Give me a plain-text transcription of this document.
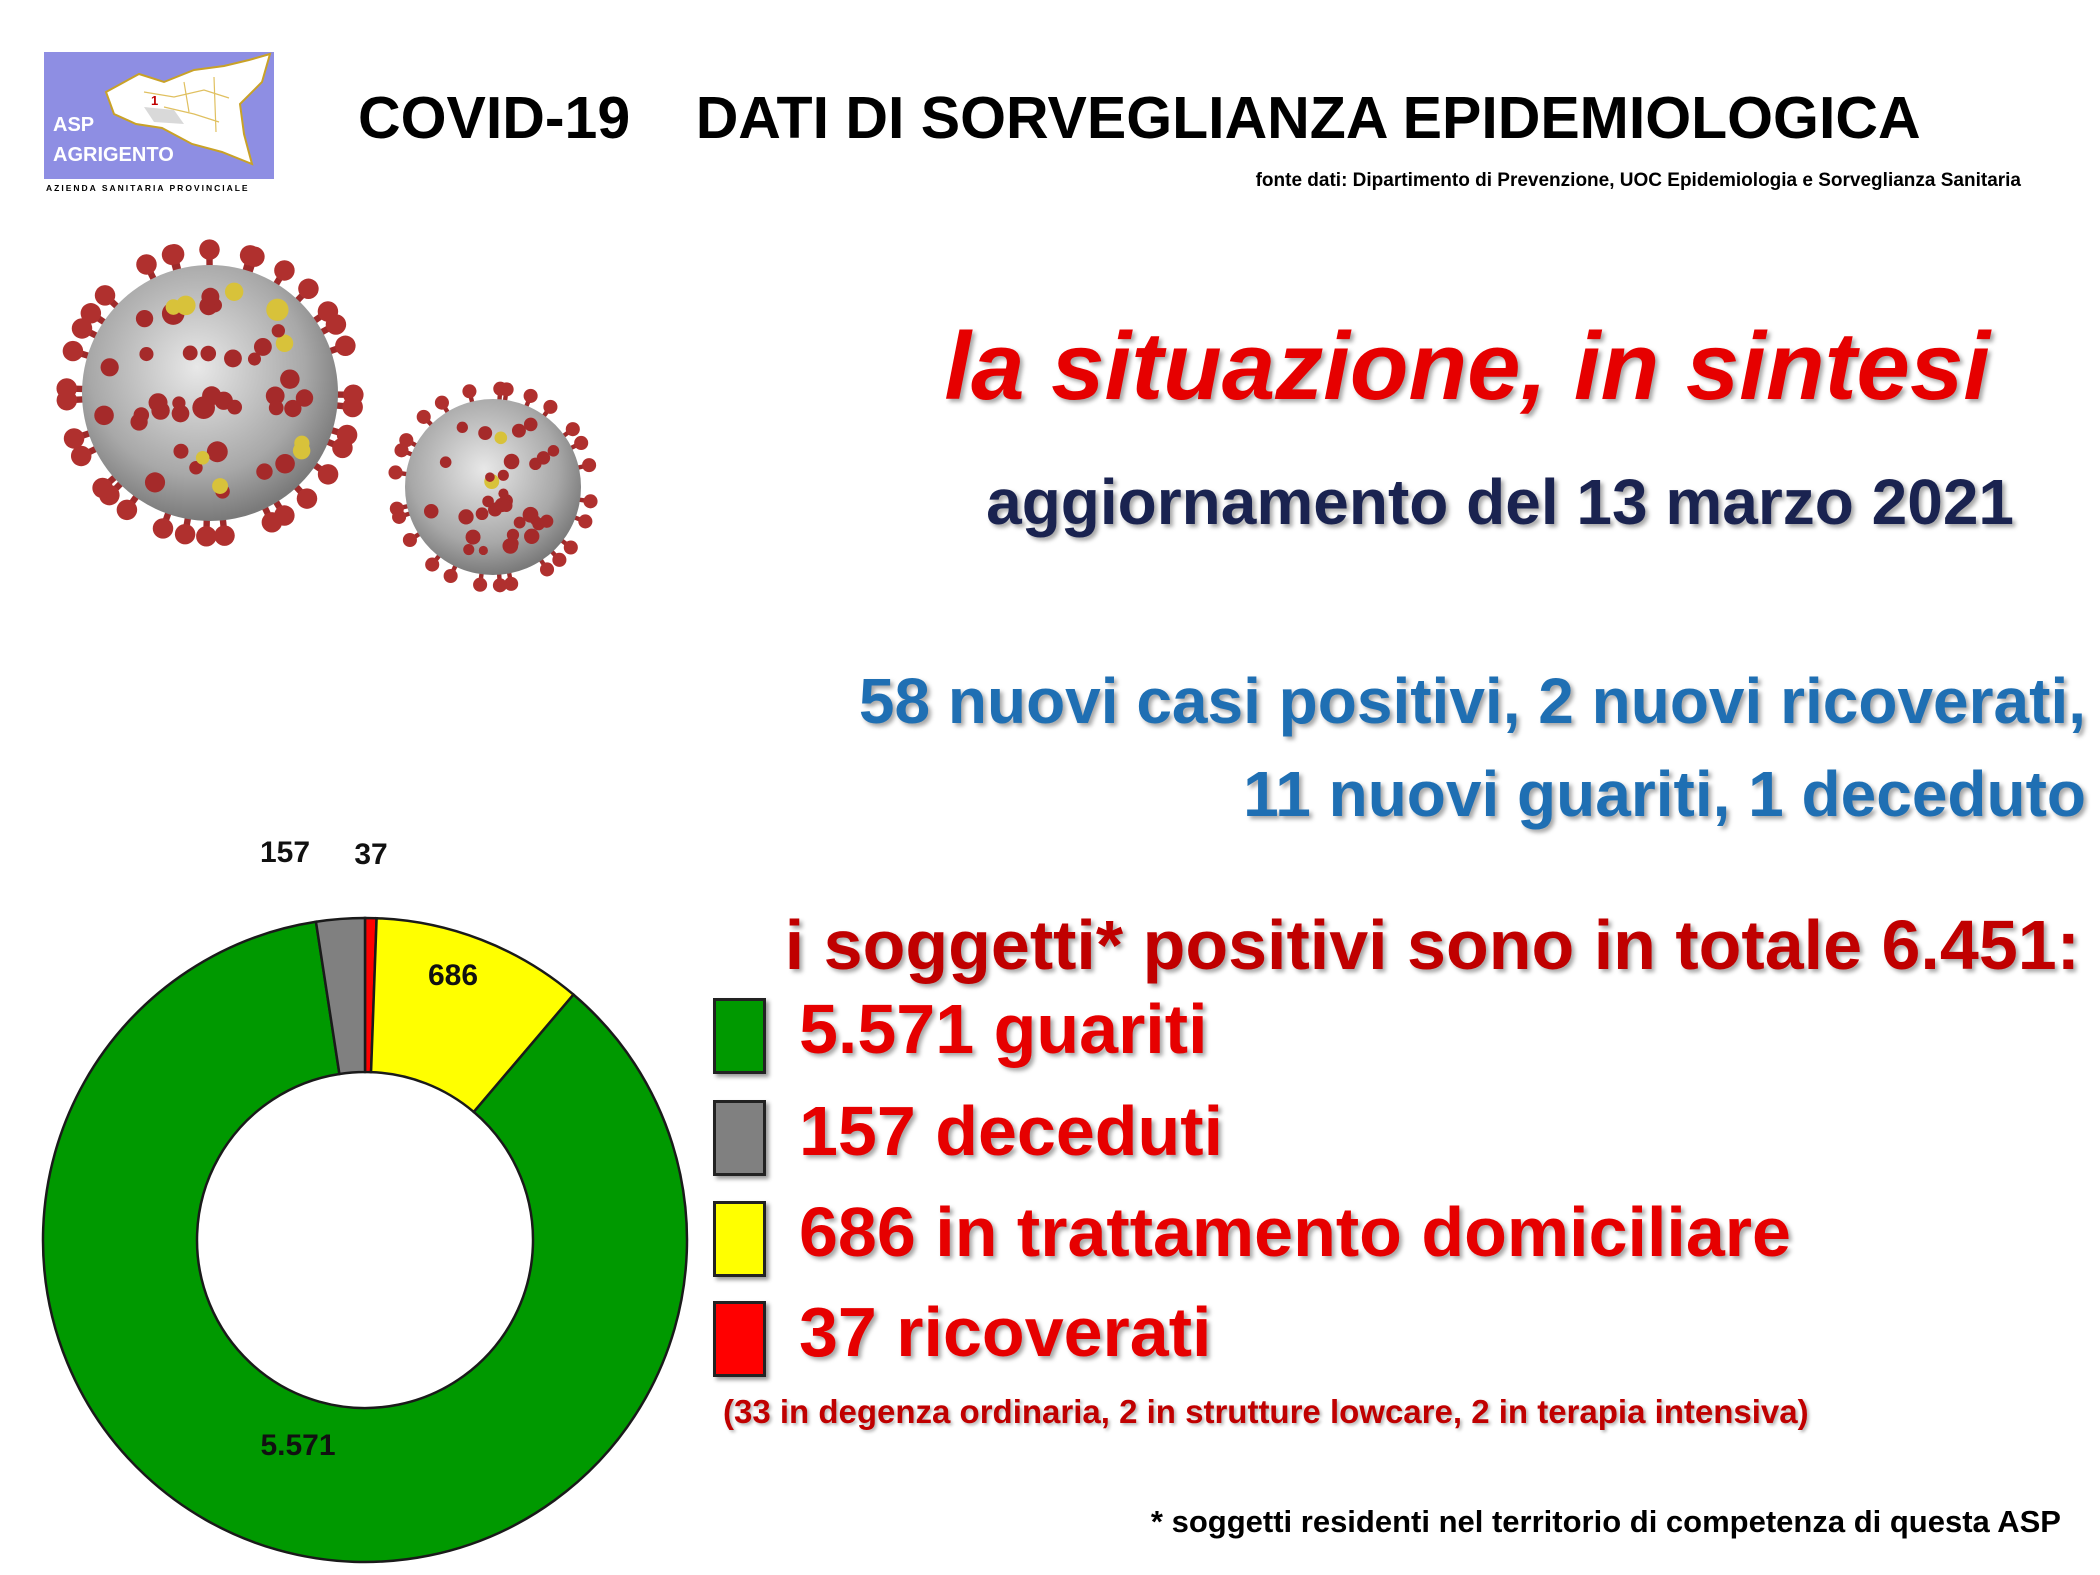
1
ASP
AGRIGENTO
AZIENDA SANITARIA PROVINCIALE
COVID-19    DATI DI SORVEGLIANZA EPIDEMIOLOGICA
fonte dati: Dipartimento di Prevenzione, UOC Epidemiologia e Sorveglianza Sanitaria
la situazione, in sintesi
aggiornamento del 13 marzo 2021
58 nuovi casi positivi, 2 nuovi ricoverati,
11 nuovi guariti, 1 deceduto
i soggetti* positivi sono in totale 6.451:
5.571 guariti
157 deceduti
686 in trattamento domiciliare
37 ricoverati
(33 in degenza ordinaria, 2 in strutture lowcare, 2 in terapia intensiva)
* soggetti residenti nel territorio di competenza di questa ASP
37
686
5.571
157
